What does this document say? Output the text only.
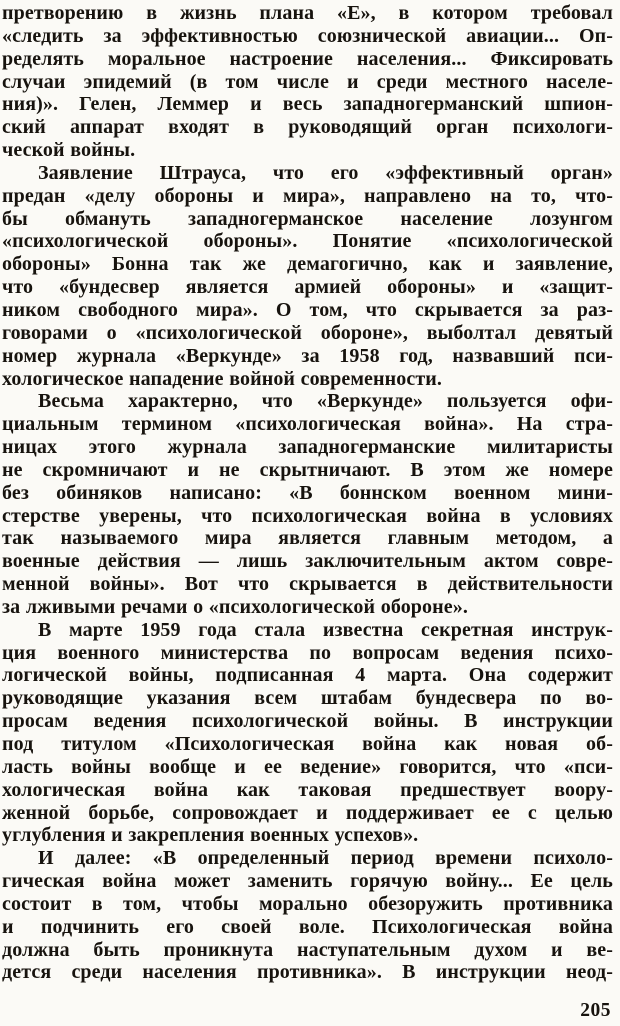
претворению в жизнь плана «Е», в котором требовал
«следить за эффективностью союзнической авиации... Оп-
ределять моральное настроение населения... Фиксировать
случаи эпидемий (в том числе и среди местного населе-
ния)». Гелен, Леммер и весь западногерманский шпион-
ский аппарат входят в руководящий орган психологи-
ческой войны.
Заявление Штрауса, что его «эффективный орган»
предан «делу обороны и мира», направлено на то, что-
бы обмануть западногерманское население лозунгом
«психологической обороны». Понятие «психологической
обороны» Бонна так же демагогично, как и заявление,
что «бундесвер является армией обороны» и «защит-
ником свободного мира». О том, что скрывается за раз-
говорами о «психологической обороне», выболтал девятый
номер журнала «Веркунде» за 1958 год, назвавший пси-
хологическое нападение войной современности.
Весьма характерно, что «Веркунде» пользуется офи-
циальным термином «психологическая война». На стра-
ницах этого журнала западногерманские милитаристы
не скромничают и не скрытничают. В этом же номере
без обиняков написано: «В боннском военном мини-
стерстве уверены, что психологическая война в условиях
так называемого мира является главным методом, а
военные действия — лишь заключительным актом совре-
менной войны». Вот что скрывается в действительности
за лживыми речами о «психологической обороне».
В марте 1959 года стала известна секретная инструк-
ция военного министерства по вопросам ведения психо-
логической войны, подписанная 4 марта. Она содержит
руководящие указания всем штабам бундесвера по во-
просам ведения психологической войны. В инструкции
под титулом «Психологическая война как новая об-
ласть войны вообще и ее ведение» говорится, что «пси-
хологическая война как таковая предшествует воору-
женной борьбе, сопровождает и поддерживает ее с целью
углубления и закрепления военных успехов».
И далее: «В определенный период времени психоло-
гическая война может заменить горячую войну... Ее цель
состоит в том, чтобы морально обезоружить противника
и подчинить его своей воле. Психологическая война
должна быть проникнута наступательным духом и ве-
дется среди населения противника». В инструкции неод-
205
